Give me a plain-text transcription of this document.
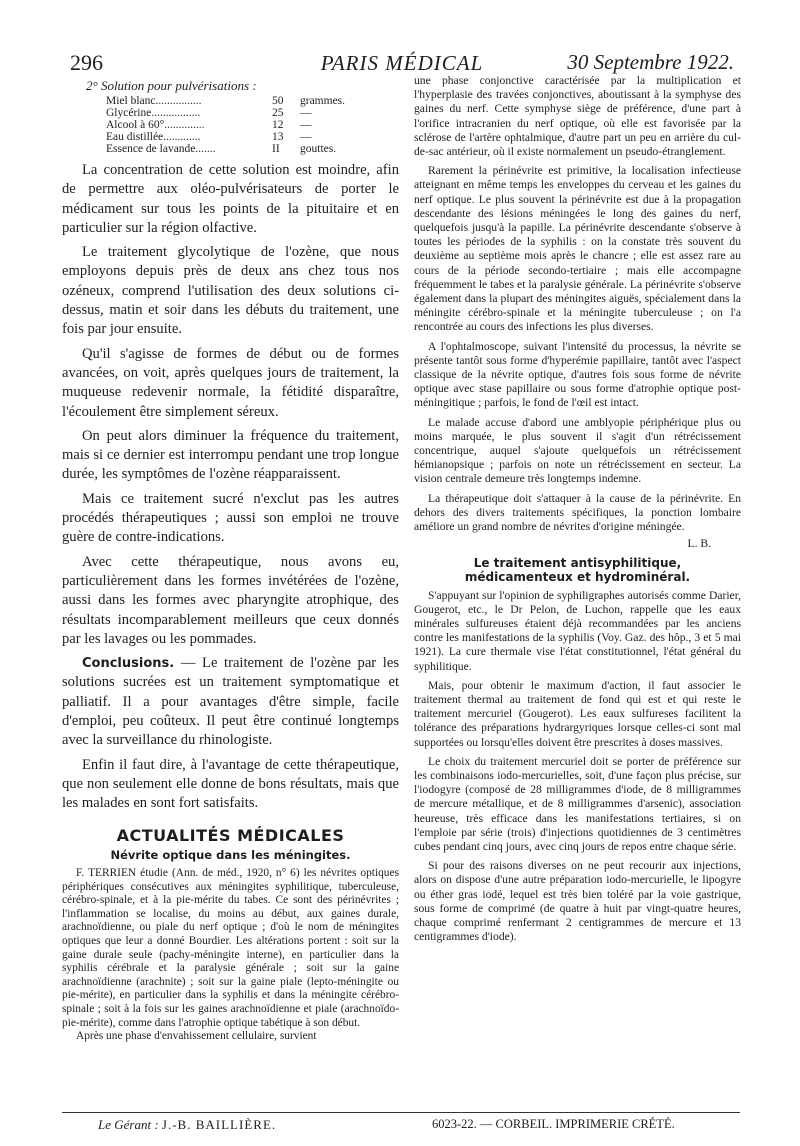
296	PARIS MÉDICAL	30 Septembre 1922.
2° Solution pour pulvérisations :
Miel blanc................	50	grammes.
Glycérine.................	25	—
Alcool à 60°..............	12	—
Eau distillée.............	13	—
Essence de lavande.......	II	gouttes.

La concentration de cette solution est moindre, afin de permettre aux oléo-pulvérisateurs de porter le médicament sur tous les points de la pituitaire et en particulier sur la région olfactive.

Le traitement glycolytique de l'ozène, que nous employons depuis près de deux ans chez tous nos ozéneux, comprend l'utilisation des deux solutions ci-dessus, matin et soir dans les débuts du traitement, une fois par jour ensuite.

Qu'il s'agisse de formes de début ou de formes avancées, on voit, après quelques jours de traitement, la muqueuse redevenir normale, la fétidité disparaître, l'écoulement être simplement séreux.

On peut alors diminuer la fréquence du traitement, mais si ce dernier est interrompu pendant une trop longue durée, les symptômes de l'ozène réapparaissent.

Mais ce traitement sucré n'exclut pas les autres procédés thérapeutiques ; aussi son emploi ne trouve guère de contre-indications.

Avec cette thérapeutique, nous avons eu, particulièrement dans les formes invétérées de l'ozène, aussi dans les formes avec pharyngite atrophique, des résultats incomparablement meilleurs que ceux donnés par les lavages ou les pommades.

Conclusions. — Le traitement de l'ozène par les solutions sucrées est un traitement symptomatique et palliatif. Il a pour avantages d'être simple, facile d'emploi, peu coûteux. Il peut être continué longtemps avec la surveillance du rhinologiste.

Enfin il faut dire, à l'avantage de cette thérapeutique, que non seulement elle donne de bons résultats, mais que les malades en sont fort satisfaits.

ACTUALITÉS MÉDICALES
Névrite optique dans les méningites.

F. TERRIEN étudie (Ann. de méd., 1920, n° 6) les névrites optiques périphériques consécutives aux méningites syphilitique, tuberculeuse, cérébro-spinale, et à la pie-mérite du tabes. Ce sont des périnévrites ; l'inflammation se localise, du moins au début, aux gaines durale, arachnoïdienne, ou piale du nerf optique ; d'où le nom de méningites optiques que leur a donné Bourdier. Les altérations portent : soit sur la gaine durale seule (pachy-méningite interne), en particulier dans la syphilis cérébrale et la paralysie générale ; soit sur la gaine arachnoïdienne (arachnite) ; soit sur la gaine piale (lepto-méningite ou pie-mérite), en particulier dans la syphilis et dans la méningite cérébro-spinale ; soit à la fois sur les gaines arachnoïdienne et piale (arachnoïdo-pie-mérite), comme dans l'atrophie optique tabétique à son début.

Après une phase d'envahissement cellulaire, survient

une phase conjonctive caractérisée par la multiplication et l'hyperplasie des travées conjonctives, aboutissant à la symphyse des gaines du nerf. Cette symphyse siège de préférence, d'une part à l'orifice intracranien du nerf optique, où elle est favorisée par la sclérose de l'artère ophtalmique, d'autre part un peu en arrière du cul-de-sac antérieur, où il existe normalement un pseudo-étranglement.

Rarement la périnévrite est primitive, la localisation infectieuse atteignant en même temps les enveloppes du cerveau et les gaines du nerf optique. Le plus souvent la périnévrite est due à la propagation descendante des lésions méningées le long des gaines du nerf, quelquefois jusqu'à la papille. La périnévrite descendante s'observe à toutes les périodes de la syphilis : on la constate très souvent du deuxième au septième mois après le chancre ; elle est assez rare au cours de la période secondo-tertiaire ; mais elle accompagne fréquemment le tabes et la paralysie générale. La périnévrite s'observe également dans la plupart des méningites aiguës, spécialement dans la méningite cérébro-spinale et la méningite tuberculeuse ; on l'a rencontrée au cours des infections les plus diverses.

A l'ophtalmoscope, suivant l'intensité du processus, la névrite se présente tantôt sous forme d'hyperémie papillaire, tantôt avec l'aspect classique de la névrite optique, d'autres fois sous forme de névrite optique avec stase papillaire ou sous forme d'atrophie optique post-méningitique ; parfois, le fond de l'œil est intact.

Le malade accuse d'abord une amblyopie périphérique plus ou moins marquée, le plus souvent il s'agit d'un rétrécissement concentrique, auquel s'ajoute quelquefois un rétrécissement hémianopsique ; parfois on note un rétrécissement en secteur. La vision centrale demeure très longtemps indemne.

La thérapeutique doit s'attaquer à la cause de la périnévrite. En dehors des divers traitements spécifiques, la ponction lombaire améliore un grand nombre de névrites d'origine méningée.

L. B.
Le traitement antisyphilitique,
médicamenteux et hydrominéral.

S'appuyant sur l'opinion de syphiligraphes autorisés comme Darier, Gougerot, etc., le Dr Pelon, de Luchon, rappelle que les eaux minérales sulfureuses étaient déjà recommandées par les anciens contre les manifestations de la syphilis (Voy. Gaz. des hôp., 3 et 5 mai 1921). La cure thermale vise l'état constitutionnel, l'état général du syphilitique.

Mais, pour obtenir le maximum d'action, il faut associer le traitement thermal au traitement de fond qui est et qui reste le traitement mercuriel (Gougerot). Les eaux sulfureses facilitent la tolérance des préparations hydrargyriques lorsque celles-ci sont mal supportées ou lorsqu'elles doivent être prescrites à doses massives.

Le choix du traitement mercuriel doit se porter de préférence sur les combinaisons iodo-mercurielles, soit, d'une façon plus précise, sur l'iodogyre (composé de 28 milligrammes d'iode, de 8 milligrammes de mercure métallique, et de 8 milligrammes d'arsenic), association heureuse, très efficace dans les manifestations tertiaires, si on l'emploie par série (trois) d'injections quotidiennes de 3 centimètres cubes pendant cinq jours, avec cinq jours de repos entre chaque série.

Si pour des raisons diverses on ne peut recourir aux injections, alors on dispose d'une autre préparation iodo-mercurielle, le lipogyre ou éther gras iodé, lequel est très bien toléré par la voie gastrique, sous forme de comprimé (de quatre à huit par vingt-quatre heures, chaque comprimé renfermant 2 centigrammes de mercure et 13 centigrammes d'iode).

Le Gérant : J.-B. BAILLIÈRE.	6023-22. — CORBEIL. IMPRIMERIE CRÉTÉ.
